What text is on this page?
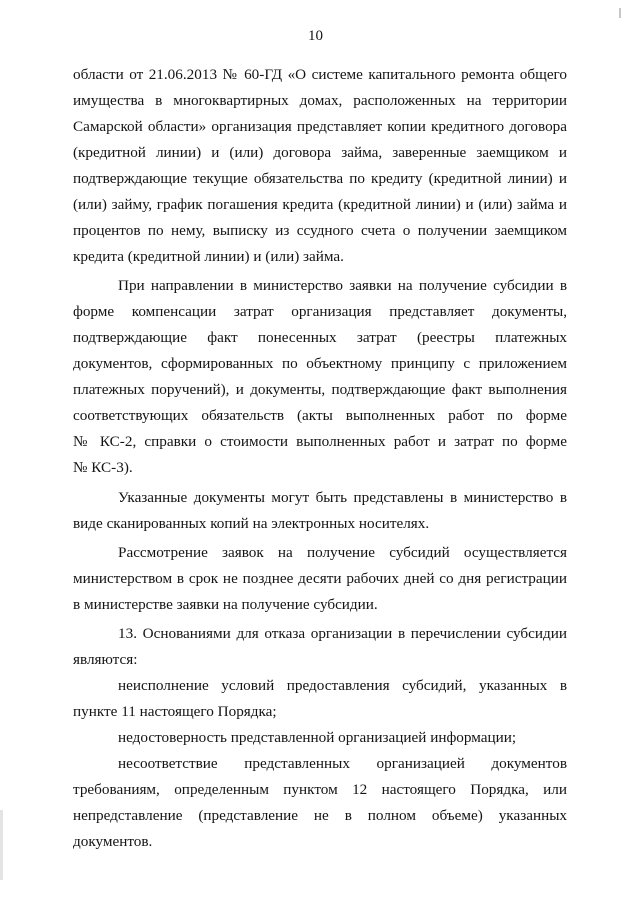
10
области от 21.06.2013 № 60-ГД «О системе капитального ремонта общего
имущества в многоквартирных домах, расположенных на территории
Самарской области» организация представляет копии кредитного договора
(кредитной линии) и (или) договора займа, заверенные заемщиком и
подтверждающие текущие обязательства по кредиту (кредитной линии) и
(или) займу, график погашения кредита (кредитной линии) и (или) займа и
процентов по нему, выписку из ссудного счета о получении заемщиком
кредита (кредитной линии) и (или) займа.
При направлении в министерство заявки на получение субсидии в
форме компенсации затрат организация представляет документы,
подтверждающие факт понесенных затрат (реестры платежных
документов, сформированных по объектному принципу с приложением
платежных поручений), и документы, подтверждающие факт выполнения
соответствующих обязательств (акты выполненных работ по форме
№ КС-2, справки о стоимости выполненных работ и затрат по форме
№ КС-3).
Указанные документы могут быть представлены в министерство в
виде сканированных копий на электронных носителях.
Рассмотрение заявок на получение субсидий осуществляется
министерством в срок не позднее десяти рабочих дней со дня регистрации
в министерстве заявки на получение субсидии.
13. Основаниями для отказа организации в перечислении субсидии
являются:
неисполнение условий предоставления субсидий, указанных в
пункте 11 настоящего Порядка;
недостоверность представленной организацией информации;
несоответствие представленных организацией документов
требованиям, определенным пунктом 12 настоящего Порядка, или
непредставление (представление не в полном объеме) указанных
документов.
